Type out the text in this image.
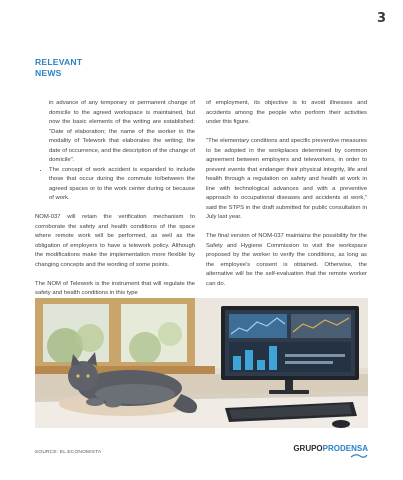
3
RELEVANT
NEWS
in advance of any temporary or permanent change of domicile to the agreed workspace is maintained, but now the basic elements of the writing are established: "Date of elaboration; the name of the worker in the modality of Telework that elaborates the writing; the date of occurrence, and the description of the change of domicile".
• The concept of work accident is expanded to include those that occur during the commute to/between the agreed spaces or to the work center during or because of work.

NOM-037 will retain the verification mechanism to corroborate the safety and health conditions of the space where remote work will be performed, as well as the obligation of employers to have a telework policy. Although the modifications make the implementation more flexible by changing concepts and the wording of some points.

The NOM of Telework is the instrument that will regulate the safety and health conditions in this type

of employment, its objective is to avoid illnesses and accidents among the people who perform their activities under this figure.

"The elementary conditions and specific preventive measures to be adopted in the workplaces determined by common agreement between employers and teleworkers, in order to prevent events that endanger their physical integrity, life and health through a regulation on safety and health at work in line with technological advances and with a preventive approach to occupational diseases and accidents at work," said the STPS in the draft submitted for public consultation in July last year.

The final version of NOM-037 maintains the possibility for the Safety and Hygiene Commission to visit the workspace proposed by the worker to verify the conditions, as long as the employee's consent is obtained. Otherwise, the alternative will be the self-evaluation that the remote worker can do.

SOURCE: EL ECONOMISTA	GRUPOPRODENSA
